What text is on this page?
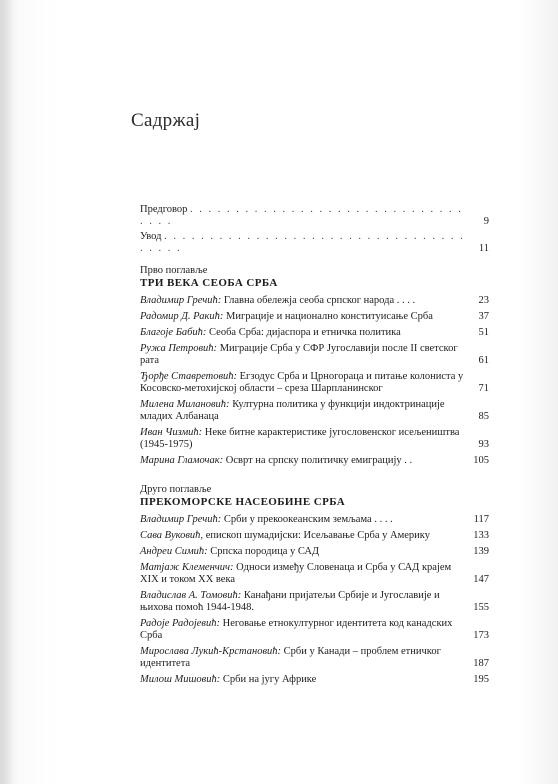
Садржај
Предговор . . . . . . . . . . . . . . . . . . . . . . . . . . . . . . . . . .	9
Увод . . . . . . . . . . . . . . . . . . . . . . . . . . . . . . . . . . . . . .	11
Прво поглавље
ТРИ ВЕКА СЕОБА СРБА
Владимир Гречић: Главна обележја сеоба српског народа . . . .	23
Радомир Д. Ракић: Миграције и национално конституисање Срба	37
Благоје Бабић: Сеоба Срба: дијаспора и етничка политика	51
Ружа Петровић: Миграције Срба у СФР Југославији после II светског рата	61
Ђорђе Ставретовић: Егзодус Срба и Црногораца и питање колониста у Косовско-метохијској области – среза Шарпланинског	71
Милена Милановић: Културна политика у функцији индоктринације младих Албанаца	85
Иван Чизмић: Неке битне карактеристике југословенског исељеништва (1945-1975)	93
Марина Гламочак: Осврт на српску политичку емиграцију . .	105
Друго поглавље
ПРЕКОМОРСКЕ НАСЕОБИНЕ СРБА
Владимир Гречић: Срби у прекоокеанским земљама . . . .	117
Сава Вуковић, епископ шумадијски: Исељавање Срба у Америку	133
Андреи Симић: Српска породица у САД	139
Матјаж Клеменчич: Односи између Словенаца и Срба у САД крајем XIX и током XX века	147
Владислав А. Томовић: Канађани пријатељи Србије и Југославије и њихова помоћ 1944-1948.	155
Радоје Радојевић: Неговање етнокултурног идентитета код канадских Срба	173
Мирослава Лукић-Крстановић: Срби у Канади – проблем етничког идентитета	187
Милош Мишовић: Срби на југу Африке	195
